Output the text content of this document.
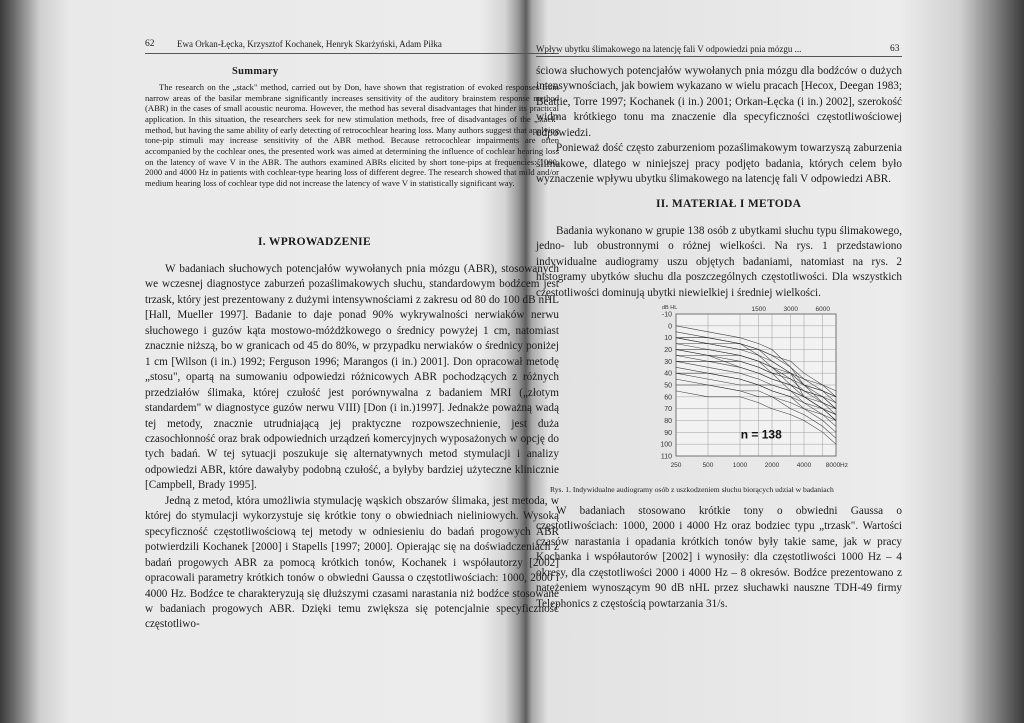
62	Ewa Orkan-Łęcka, Krzysztof Kochanek, Henryk Skarżyński, Adam Piłka
Summary
The research on the „stack" method, carried out by Don, have shown that registration of evoked responses from narrow areas of the basilar membrane significantly increases sensitivity of the auditory brainstem response method (ABR) in the cases of small acoustic neuroma. However, the method has several disadvantages that hinder its practical application. In this situation, the researchers seek for new stimulation methods, free of disadvantages of the „stack" method, but having the same ability of early detecting of retrocochlear hearing loss. Many authors suggest that applying tone-pip stimuli may increase sensitivity of the ABR method. Because retrocochlear impairments are often accompanied by the cochlear ones, the presented work was aimed at determining the influence of cochlear hearing loss on the latency of wave V in the ABR. The authors examined ABRs elicited by short tone-pips at frequencies: 1000, 2000 and 4000 Hz in patients with cochlear-type hearing loss of different degree. The research showed that mild and/or medium hearing loss of cochlear type did not increase the latency of wave V in statistically significant way.
I. WPROWADZENIE

W badaniach słuchowych potencjałów wywołanych pnia mózgu (ABR), stosowanych we wczesnej diagnostyce zaburzeń pozaślimakowych słuchu, standardowym bodźcem jest trzask, który jest prezentowany z dużymi intensywnościami z zakresu od 80 do 100 dB nHL [Hall, Mueller 1997]. Badanie to daje ponad 90% wykrywalności nerwiaków nerwu słuchowego i guzów kąta mostowo-móżdżkowego o średnicy powyżej 1 cm, natomiast znacznie niższą, bo w granicach od 45 do 80%, w przypadku nerwiaków o średnicy poniżej 1 cm [Wilson (i in.) 1992; Ferguson 1996; Marangos (i in.) 2001]. Don opracował metodę „stosu", opartą na sumowaniu odpowiedzi różnicowych ABR pochodzących z różnych przedziałów ślimaka, której czułość jest porównywalna z badaniem MRI („złotym standardem" w diagnostyce guzów nerwu VIII) [Don (i in.)1997]. Jednakże poważną wadą tej metody, znacznie utrudniającą jej praktyczne rozpowszechnienie, jest duża czasochłonność oraz brak odpowiednich urządzeń komercyjnych wyposażonych w opcję do tych badań. W tej sytuacji poszukuje się alternatywnych metod stymulacji i analizy odpowiedzi ABR, które dawałyby podobną czułość, a byłyby bardziej użyteczne klinicznie [Campbell, Brady 1995].

Jedną z metod, która umożliwia stymulację wąskich obszarów ślimaka, jest metoda, w której do stymulacji wykorzystuje się krótkie tony o obwiedniach nieliniowych. Wysoką specyficzność częstotliwościową tej metody w odniesieniu do badań progowych ABR potwierdzili Kochanek [2000] i Stapells [1997; 2000]. Opierając się na doświadczeniach z badań progowych ABR za pomocą krótkich tonów, Kochanek i współautorzy [2002] opracowali parametry krótkich tonów o obwiedni Gaussa o częstotliwościach: 1000, 2000 i 4000 Hz. Bodźce te charakteryzują się dłuższymi czasami narastania niż bodźce stosowane w badaniach progowych ABR. Dzięki temu zwiększa się potencjalnie specyficzność częstotliwo-

Wpływ ubytku ślimakowego na latencję fali V odpowiedzi pnia mózgu ...	63

ściowa słuchowych potencjałów wywołanych pnia mózgu dla bodźców o dużych intensywnościach, jak bowiem wykazano w wielu pracach [Hecox, Deegan 1983; Beattie, Torre 1997; Kochanek (i in.) 2001; Orkan-Łęcka (i in.) 2002], szerokość widma krótkiego tonu ma znaczenie dla specyficzności częstotliwościowej odpowiedzi.

Ponieważ dość często zaburzeniom pozaślimakowym towarzyszą zaburzenia ślimakowe, dlatego w niniejszej pracy podjęto badania, których celem było wyznaczenie wpływu ubytku ślimakowego na latencję fali V odpowiedzi ABR.

II. MATERIAŁ I METODA

Badania wykonano w grupie 138 osób z ubytkami słuchu typu ślimakowego, jedno- lub obustronnymi o różnej wielkości. Na rys. 1 przedstawiono indywidualne audiogramy uszu objętych badaniami, natomiast na rys. 2 histogramy ubytków słuchu dla poszczególnych częstotliwości. Dla wszystkich częstotliwości dominują ubytki niewielkiej i średniej wielkości.

-10
0
10
20
30
40
50
60
70
80
90
100
110
dB HL
250	500	1000	2000	4000 8000 Hz
1500	3000	6000
n = 138
Rys. 1. Indywidualne audiogramy osób z uszkodzeniem słuchu biorących udział w badaniach

W badaniach stosowano krótkie tony o obwiedni Gaussa o częstotliwościach: 1000, 2000 i 4000 Hz oraz bodziec typu „trzask". Wartości czasów narastania i opadania krótkich tonów były takie same, jak w pracy Kochanka i współautorów [2002] i wynosiły: dla częstotliwości 1000 Hz – 4 okresy, dla częstotliwości 2000 i 4000 Hz – 8 okresów. Bodźce prezentowano z natężeniem wynoszącym 90 dB nHL przez słuchawki nauszne TDH-49 firmy Telephonics z częstością powtarzania 31/s.
